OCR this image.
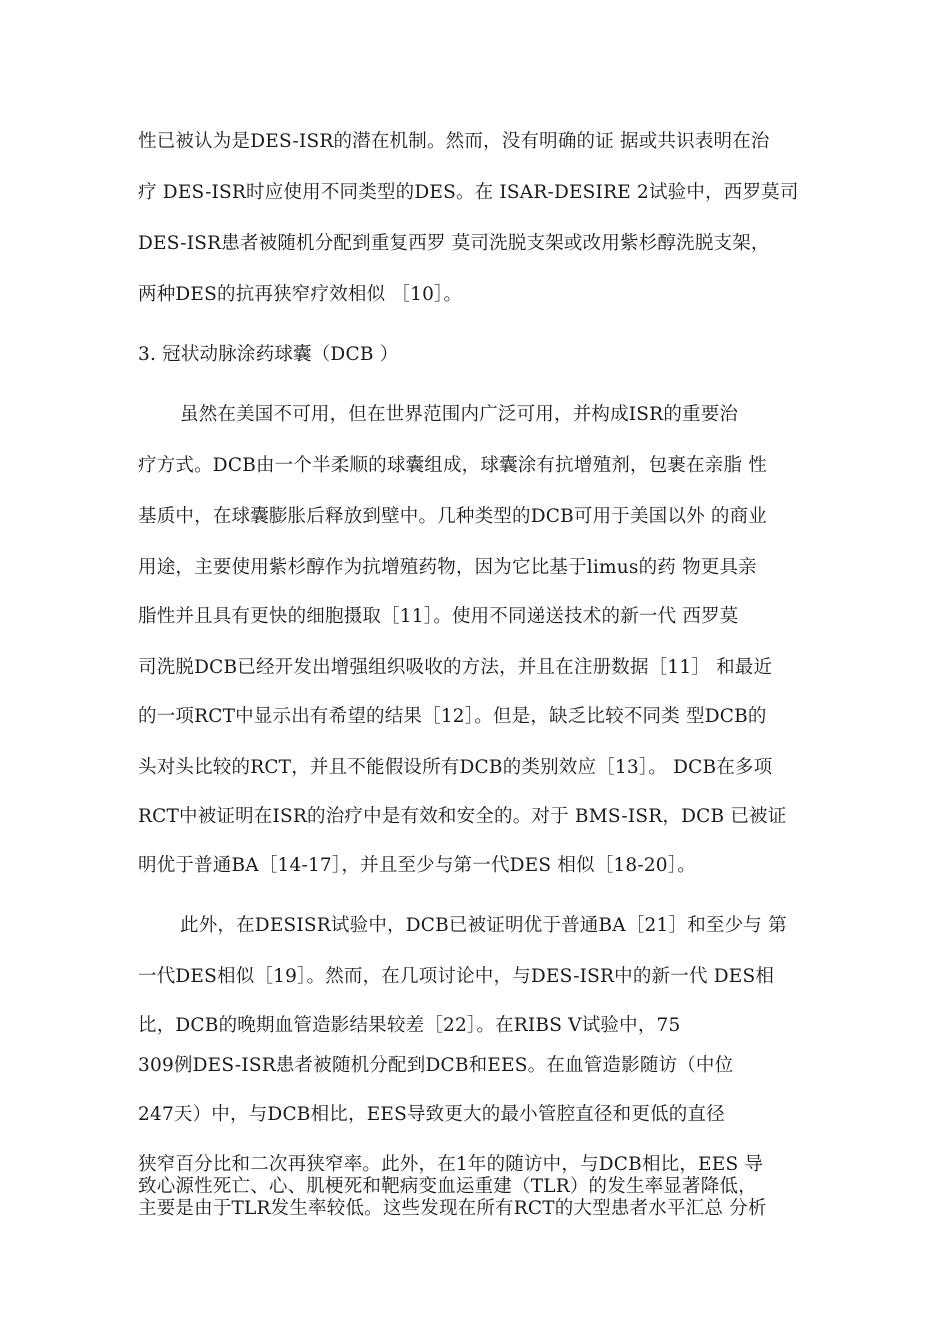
性已被认为是DES-ISR的潜在机制。然而，没有明确的证 据或共识表明在治
疗 DES-ISR时应使用不同类型的DES。在 ISAR-DESIRE 2试验中，西罗莫司
DES-ISR患者被随机分配到重复西罗 莫司洗脱支架或改用紫杉醇洗脱支架，
两种DES的抗再狭窄疗效相似 ［10］。
3. 冠状动脉涂药球囊（DCB ）
虽然在美国不可用，但在世界范围内广泛可用，并构成ISR的重要治
疗方式。DCB由一个半柔顺的球囊组成，球囊涂有抗增殖剂，包裹在亲脂 性
基质中，在球囊膨胀后释放到壁中。几种类型的DCB可用于美国以外 的商业
用途，主要使用紫杉醇作为抗增殖药物，因为它比基于limus的药 物更具亲
脂性并且具有更快的细胞摄取［11］。使用不同递送技术的新一代 西罗莫
司洗脱DCB已经开发出增强组织吸收的方法，并且在注册数据［11］ 和最近
的一项RCT中显示出有希望的结果［12］。但是，缺乏比较不同类 型DCB的
头对头比较的RCT，并且不能假设所有DCB的类别效应［13］。 DCB在多项
RCT中被证明在ISR的治疗中是有效和安全的。对于 BMS-ISR，DCB 已被证
明优于普通BA［14-17］，并且至少与第一代DES 相似［18-20］。
此外，在DESISR试验中，DCB已被证明优于普通BA［21］和至少与 第
一代DES相似［19］。然而，在几项讨论中，与DES-ISR中的新一代 DES相
比，DCB的晚期血管造影结果较差［22］。在RIBS V试验中，75
309例DES-ISR患者被随机分配到DCB和EES。在血管造影随访（中位
247天）中，与DCB相比，EES导致更大的最小管腔直径和更低的直径
狭窄百分比和二次再狭窄率。此外，在1年的随访中，与DCB相比，EES 导
致心源性死亡、心、肌梗死和靶病变血运重建（TLR）的发生率显著降低，
主要是由于TLR发生率较低。这些发现在所有RCT的大型患者水平汇总 分析
